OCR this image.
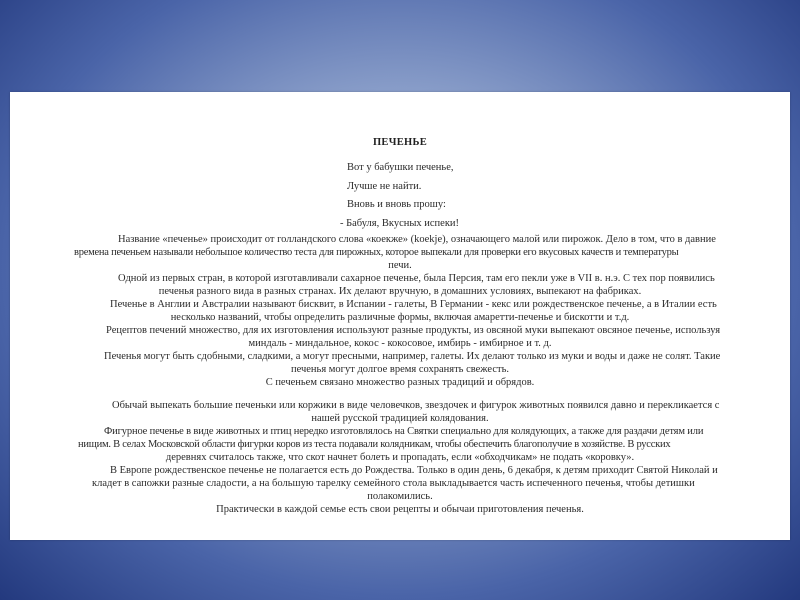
ПЕЧЕНЬЕ
Вот у бабушки печенье,
Лучше не найти.
Вновь и вновь прошу:
- Бабуля, Вкусных испеки!
Название «печенье» происходит от голландского слова «коекже» (koekje), означающего малой или пирожок. Дело в том, что в давние
времена печеньем называли небольшое количество теста для пирожных, которое выпекали для проверки его вкусовых качеств и температуры
печи.
Одной из первых стран, в которой изготавливали сахарное печенье, была Персия, там его пекли уже в VII в. н.э. С тех пор появились
печенья разного вида в разных странах. Их делают вручную, в домашних условиях, выпекают на фабриках.
Печенье в Англии и Австралии называют бисквит, в Испании - галеты, В Германии - кекс или рождественское печенье, а в Италии есть
несколько названий, чтобы определить различные формы, включая амаретти-печенье и бискотти и т.д.
Рецептов печений множество, для их изготовления используют разные продукты, из овсяной муки выпекают овсяное печенье, используя
миндаль - миндальное, кокос - кокосовое, имбирь - имбирное и т. д.
Печенья могут быть сдобными, сладкими, а могут пресными, например, галеты. Их делают только из муки и воды и даже не солят. Такие
печенья могут долгое время сохранять свежесть.
С печеньем связано множество разных традиций и обрядов.
Обычай выпекать большие печеньки или коржики в виде человечков, звездочек и фигурок животных появился давно и перекликается с
нашей русской традицией колядования.
Фигурное печенье в виде животных и птиц нередко изготовлялось на Святки специально для колядующих, а также для раздачи детям или
нищим. В селах Московской области фигурки коров из теста подавали колядникам, чтобы обеспечить благополучие в хозяйстве. В русских
деревнях считалось также, что скот начнет болеть и пропадать, если «обходчикам» не подать «коровку».
В Европе рождественское печенье не полагается есть до Рождества. Только в один день, 6 декабря, к детям приходит Святой Николай и
кладет в сапожки разные сладости, а на большую тарелку семейного стола выкладывается часть испеченного печенья, чтобы детишки
полакомились.
Практически в каждой семье есть свои рецепты и обычаи приготовления печенья.
